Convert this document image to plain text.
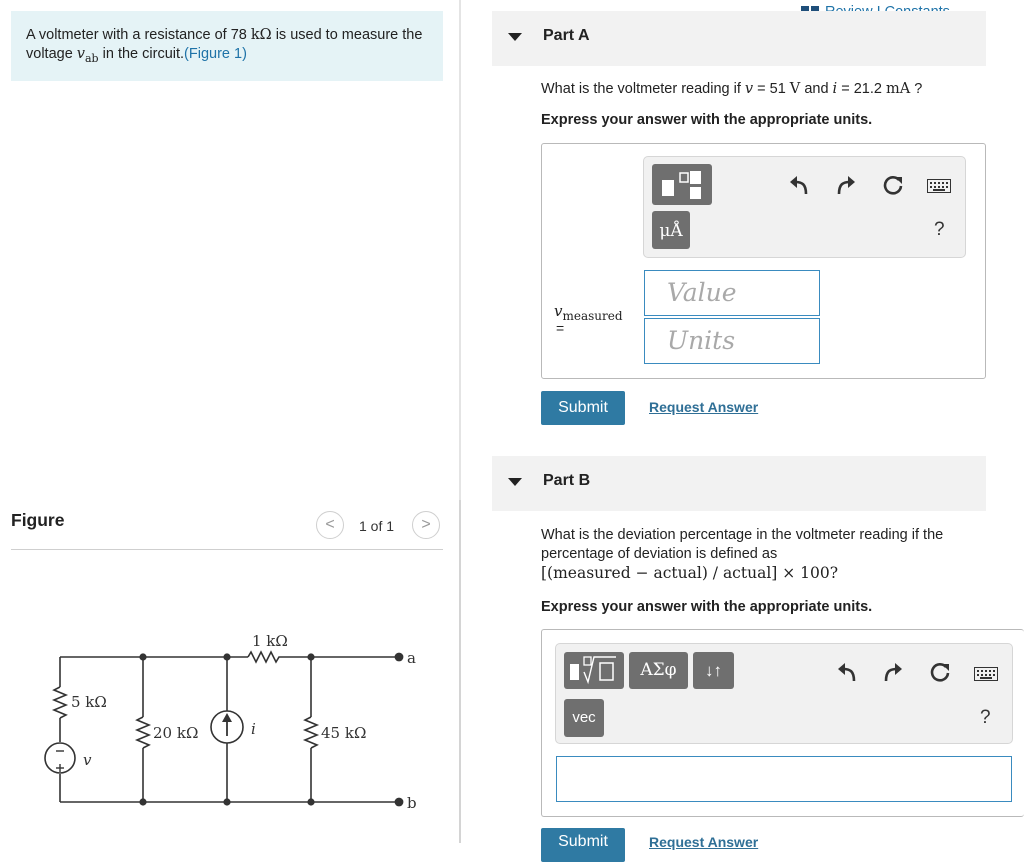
A voltmeter with a resistance of 78 kΩ is used to measure the voltage $v_{ab}$ in the circuit.(Figure 1)
Figure	<	1 of 1	>
5 kΩ
20 kΩ
1 kΩ
45 kΩ
a
b
v
i
Part A
What is the voltmeter reading if v = 51 V and i = 21.2 mA ?
Express your answer with the appropriate units.
μÅ	?
$v_{measured}$
=
Value
Units
Submit	Request Answer
Part B
What is the deviation percentage in the voltmeter reading if the
percentage of deviation is defined as
[(measured − actual) / actual] × 100?
Express your answer with the appropriate units.
ΑΣφ	↓↑
vec	?
Submit	Request Answer
